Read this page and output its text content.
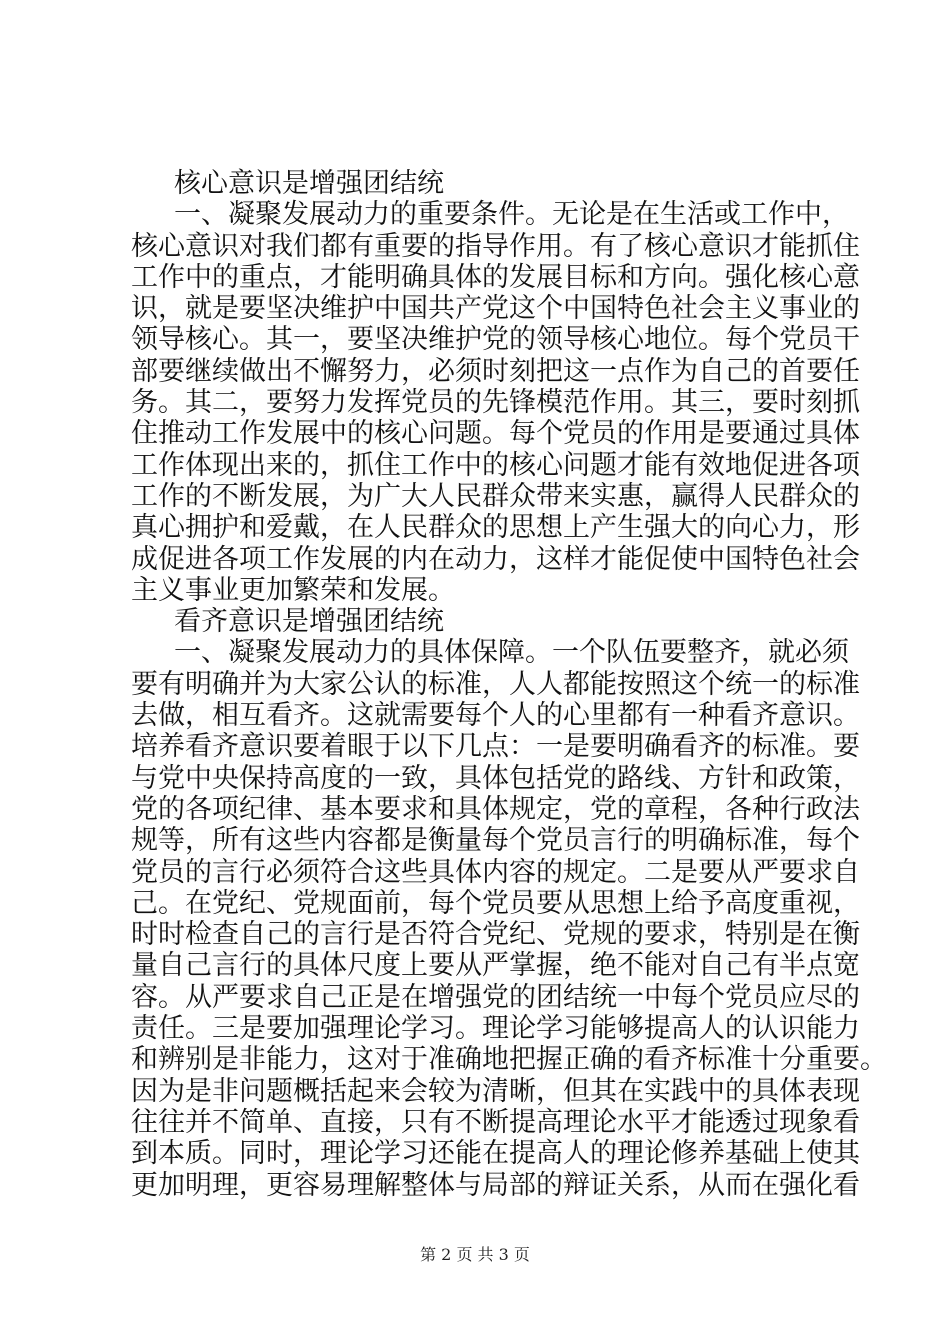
核心意识是增强团结统
一、凝聚发展动力的重要条件。无论是在生活或工作中，
核心意识对我们都有重要的指导作用。有了核心意识才能抓住
工作中的重点，才能明确具体的发展目标和方向。强化核心意
识，就是要坚决维护中国共产党这个中国特色社会主义事业的
领导核心。其一，要坚决维护党的领导核心地位。每个党员干
部要继续做出不懈努力，必须时刻把这一点作为自己的首要任
务。其二，要努力发挥党员的先锋模范作用。其三，要时刻抓
住推动工作发展中的核心问题。每个党员的作用是要通过具体
工作体现出来的，抓住工作中的核心问题才能有效地促进各项
工作的不断发展，为广大人民群众带来实惠，赢得人民群众的
真心拥护和爱戴，在人民群众的思想上产生强大的向心力，形
成促进各项工作发展的内在动力，这样才能促使中国特色社会
主义事业更加繁荣和发展。
看齐意识是增强团结统
一、凝聚发展动力的具体保障。一个队伍要整齐，就必须
要有明确并为大家公认的标准，人人都能按照这个统一的标准
去做，相互看齐。这就需要每个人的心里都有一种看齐意识。
培养看齐意识要着眼于以下几点：一是要明确看齐的标准。要
与党中央保持高度的一致，具体包括党的路线、方针和政策，
党的各项纪律、基本要求和具体规定，党的章程，各种行政法
规等，所有这些内容都是衡量每个党员言行的明确标准，每个
党员的言行必须符合这些具体内容的规定。二是要从严要求自
己。在党纪、党规面前，每个党员要从思想上给予高度重视，
时时检查自己的言行是否符合党纪、党规的要求，特别是在衡
量自己言行的具体尺度上要从严掌握，绝不能对自己有半点宽
容。从严要求自己正是在增强党的团结统一中每个党员应尽的
责任。三是要加强理论学习。理论学习能够提高人的认识能力
和辨别是非能力，这对于准确地把握正确的看齐标准十分重要。
因为是非问题概括起来会较为清晰，但其在实践中的具体表现
往往并不简单、直接，只有不断提高理论水平才能透过现象看
到本质。同时，理论学习还能在提高人的理论修养基础上使其
更加明理，更容易理解整体与局部的辩证关系，从而在强化看
第 2 页 共 3 页
